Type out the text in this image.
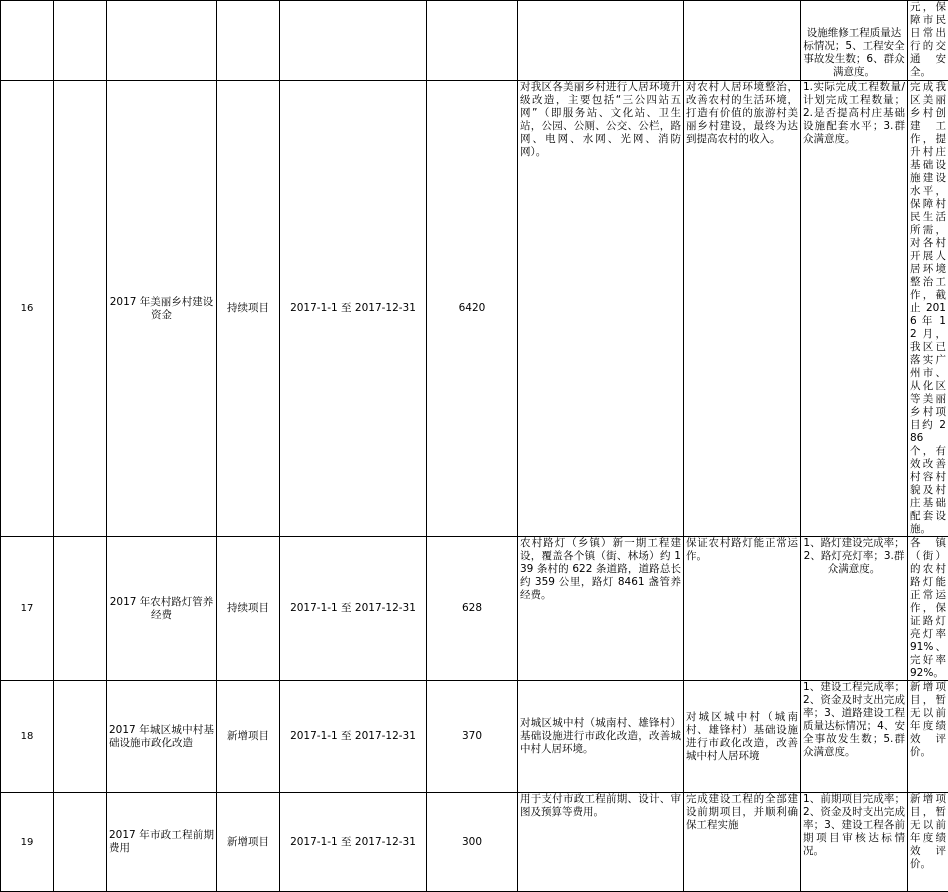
								设施维修工程质量达标情况；5、工程安全事故发生数；6、群众满意度。	元，保障市民日常出行的交通安全。

16		2017 年美丽乡村建设资金	持续项目	2017-1-1 至 2017-12-31	6420	对我区各美丽乡村进行人居环境升级改造，主要包括“三公四站五网”（即服务站、文化站、卫生站，公园、公厕、公交、公栏，路网、电网、水网、光网、消防网）。	对农村人居环境整治，改善农村的生活环境，打造有价值的旅游村美丽乡村建设，最终为达到提高农村的收入。	1.实际完成工程数量/计划完成工程数量；2.是否提高村庄基础设施配套水平；3.群众满意度。	完成我区美丽乡村创建工作，提升村庄基础设施建设水平，保障村民生活所需，对各村开展人居环境整治工作，截止 2016 年 12 月，我区已落实广州市、从化区等美丽乡村项目约 286 个，有效改善村容村貌及村庄基础配套设施。
17		2017 年农村路灯管养经费	持续项目	2017-1-1 至 2017-12-31	628	农村路灯（乡镇）新一期工程建设，覆盖各个镇（街、林场）约 139 条村的 622 条道路，道路总长约 359 公里，路灯 8461 盏管养经费。	保证农村路灯能正常运作。	1、路灯建设完成率；2、路灯亮灯率；3.群众满意度。	各镇（街）的农村路灯能正常运作，保证路灯亮灯率 91%、完好率 92%。
18		2017 年城区城中村基础设施市政化改造	新增项目	2017-1-1 至 2017-12-31	370	对城区城中村（城南村、雄锋村）基础设施进行市政化改造，改善城中村人居环境。	对城区城中村（城南村、雄锋村）基础设施进行市政化改造，改善城中村人居环境	1、建设工程完成率；2、资金及时支出完成率；3、道路建设工程质量达标情况；4、安全事故发生数；5.群众满意度。	新增项目，暂无以前年度绩效评价。
19		2017 年市政工程前期费用	新增项目	2017-1-1 至 2017-12-31	300	用于支付市政工程前期、设计、审图及预算等费用。	完成建设工程的全部建设前期项目，并顺利确保工程实施	1、前期项目完成率；2、资金及时支出完成率；3、建设工程各前期项目审核达标情况。	新增项目，暂无以前年度绩效评价。
